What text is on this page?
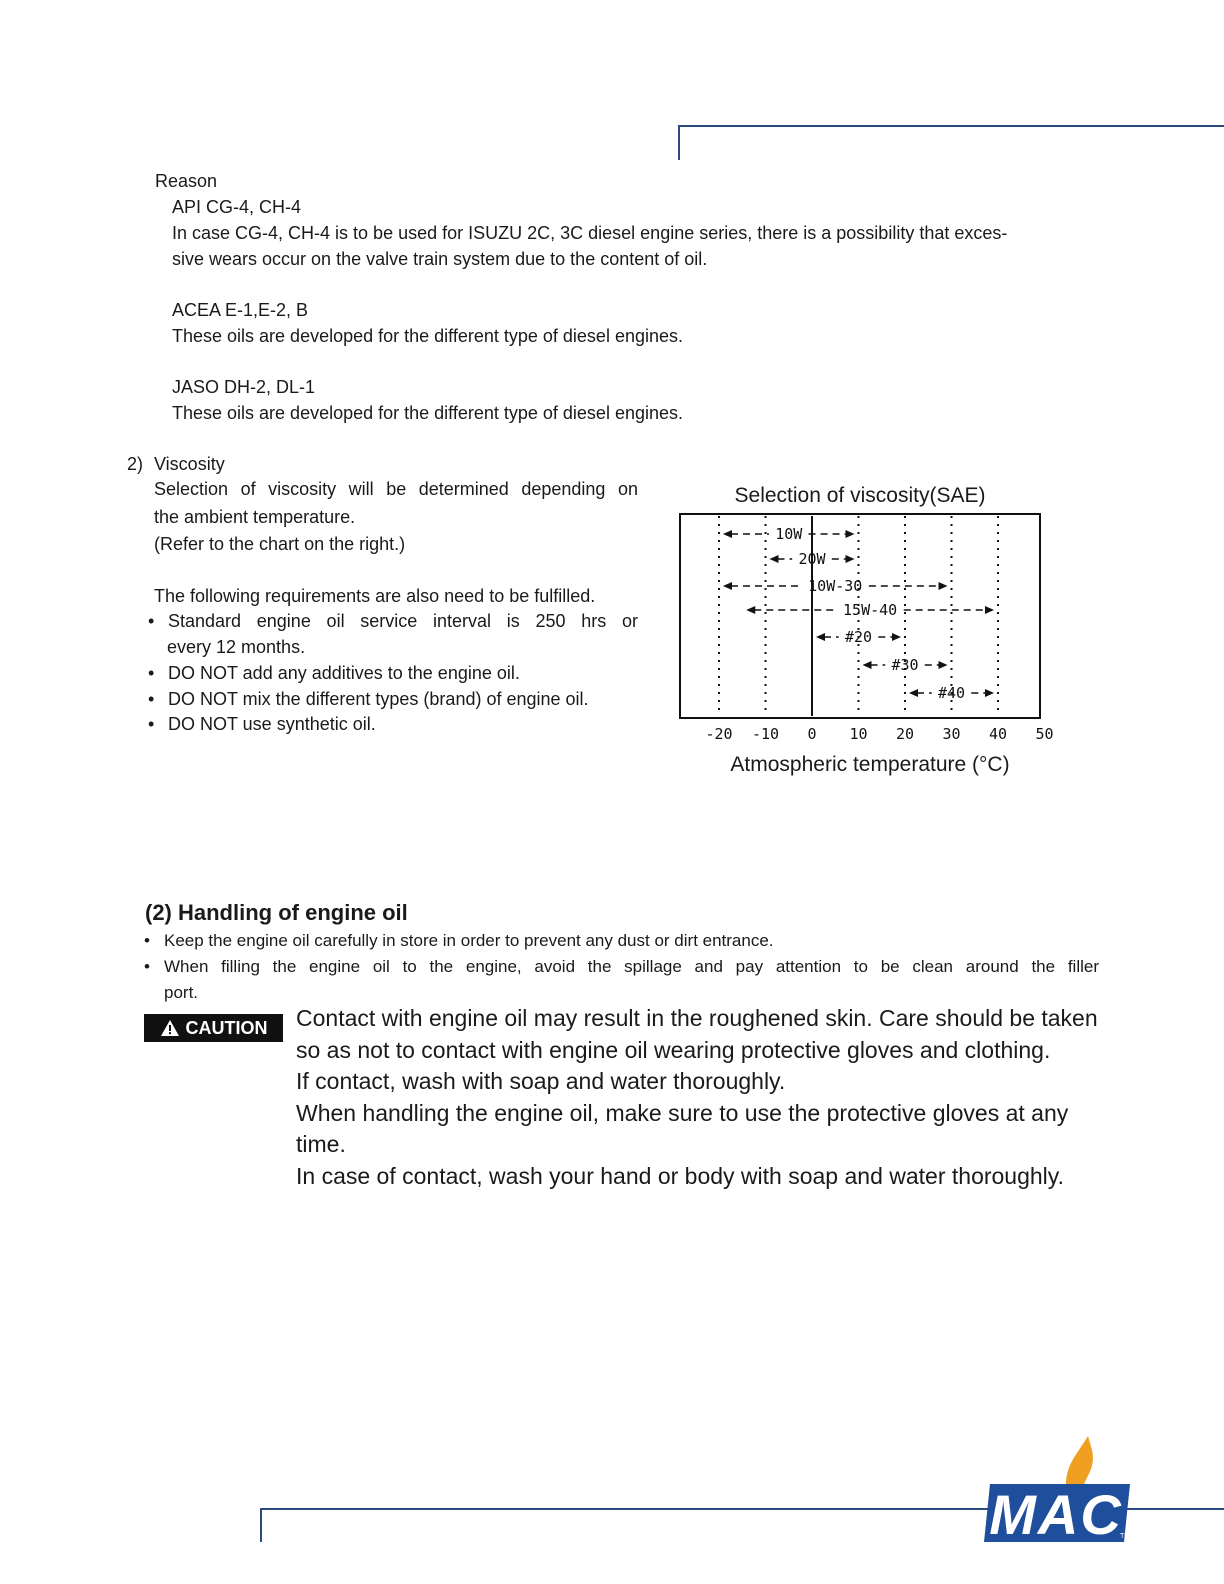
Reason
API CG-4, CH-4
In case CG-4, CH-4 is to be used for ISUZU 2C, 3C diesel engine series, there is a possibility that exces-
sive wears occur on the valve train system due to the content of oil.
ACEA E-1,E-2, B
These oils are developed for the different type of diesel engines.
JASO DH-2, DL-1
These oils are developed for the different type of diesel engines.
2) Viscosity
Selection of viscosity will be determined depending on
the ambient temperature.
(Refer to the chart on the right.)
The following requirements are also need to be fulfilled.
• Standard engine oil service interval is 250 hrs or
every 12 months.
• DO NOT add any additives to the engine oil.
• DO NOT mix the different types (brand) of engine oil.
• DO NOT use synthetic oil.
Selection of viscosity(SAE)
10W
20W
10W-30
15W-40
#20
#30
#40
-20 -10 0 10 20 30 40 50
Atmospheric temperature (°C)
(2) Handling of engine oil
• Keep the engine oil carefully in store in order to prevent any dust or dirt entrance.
• When filling the engine oil to the engine, avoid the spillage and pay attention to be clean around the filler
port.
CAUTION Contact with engine oil may result in the roughened skin. Care should be taken

so as not to contact with engine oil wearing protective gloves and clothing.

If contact, wash with soap and water thoroughly.

When handling the engine oil, make sure to use the protective gloves at any

time.

In case of contact, wash your hand or body with soap and water thoroughly.

MAC
TM
